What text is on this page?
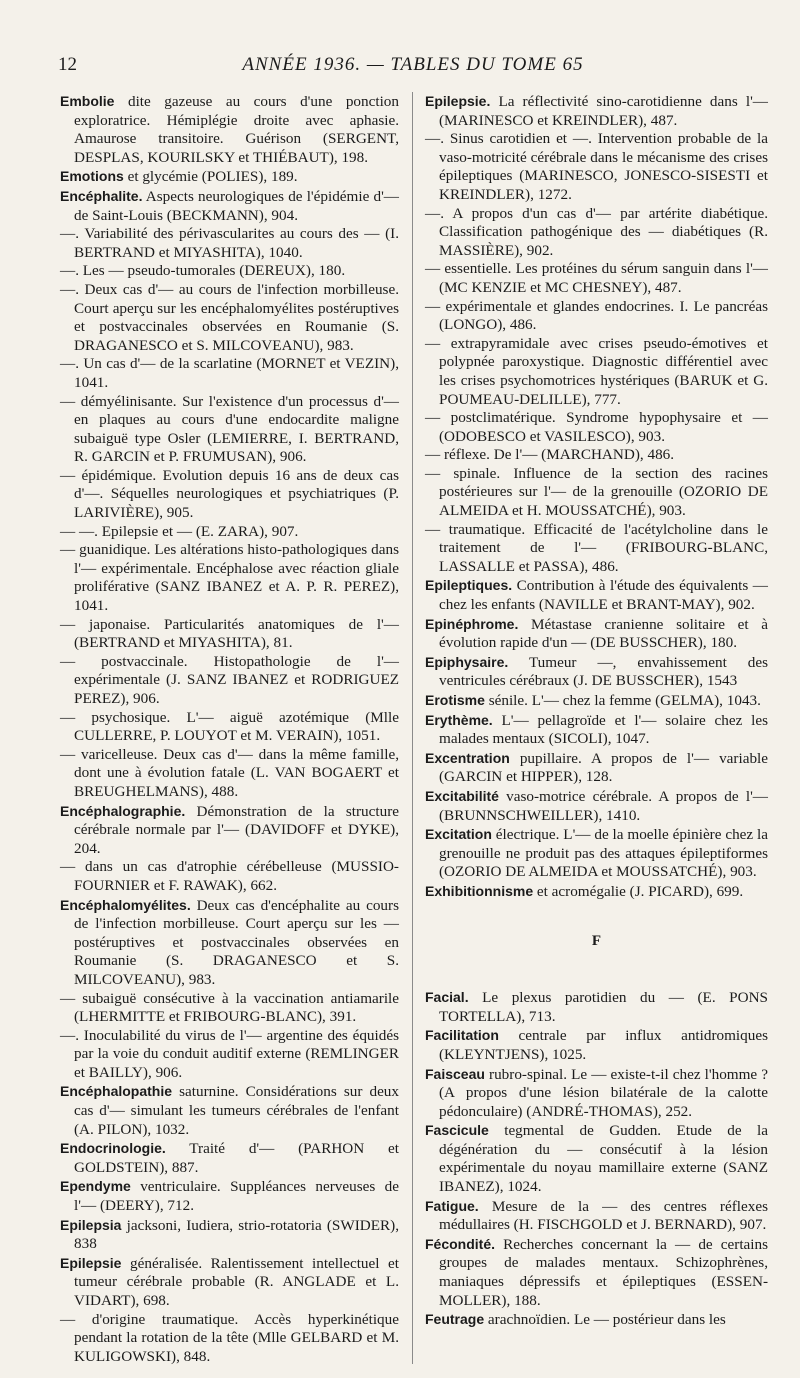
12	ANNÉE 1936. — TABLES DU TOME 65

Embolie dite gazeuse au cours d'une ponction exploratrice. Hémiplégie droite avec aphasie. Amaurose transitoire. Guérison (SERGENT, DESPLAS, KOURILSKY et THIÉBAUT), 198.

Emotions et glycémie (POLIES), 189.

Encéphalite. Aspects neurologiques de l'épidémie d'— de Saint-Louis (BECKMANN), 904.

—. Variabilité des périvascularites au cours des — (I. BERTRAND et MIYASHITA), 1040.

—. Les — pseudo-tumorales (DEREUX), 180.

—. Deux cas d'— au cours de l'infection morbilleuse. Court aperçu sur les encéphalomyélites postéruptives et postvaccinales observées en Roumanie (S. DRAGANESCO et S. MILCOVEANU), 983.

—. Un cas d'— de la scarlatine (MORNET et VEZIN), 1041.

— démyélinisante. Sur l'existence d'un processus d'— en plaques au cours d'une endocardite maligne subaiguë type Osler (LEMIERRE, I. BERTRAND, R. GARCIN et P. FRUMUSAN), 906.

— épidémique. Evolution depuis 16 ans de deux cas d'—. Séquelles neurologiques et psychiatriques (P. LARIVIÈRE), 905.

— —. Epilepsie et — (E. ZARA), 907.

— guanidique. Les altérations histo-pathologiques dans l'— expérimentale. Encéphalose avec réaction gliale proliférative (SANZ IBANEZ et A. P. R. PEREZ), 1041.

— japonaise. Particularités anatomiques de l'— (BERTRAND et MIYASHITA), 81.

— postvaccinale. Histopathologie de l'— expérimentale (J. SANZ IBANEZ et RODRIGUEZ PEREZ), 906.

— psychosique. L'— aiguë azotémique (Mlle CULLERRE, P. LOUYOT et M. VERAIN), 1051.

— varicelleuse. Deux cas d'— dans la même famille, dont une à évolution fatale (L. VAN BOGAERT et BREUGHELMANS), 488.

Encéphalographie. Démonstration de la structure cérébrale normale par l'— (DAVIDOFF et DYKE), 204.

— dans un cas d'atrophie cérébelleuse (MUSSIO-FOURNIER et F. RAWAK), 662.

Encéphalomyélites. Deux cas d'encéphalite au cours de l'infection morbilleuse. Court aperçu sur les — postéruptives et postvaccinales observées en Roumanie (S. DRAGANESCO et S. MILCOVEANU), 983.

— subaiguë consécutive à la vaccination antiamarile (LHERMITTE et FRIBOURG-BLANC), 391.

—. Inoculabilité du virus de l'— argentine des équidés par la voie du conduit auditif externe (REMLINGER et BAILLY), 906.

Encéphalopathie saturnine. Considérations sur deux cas d'— simulant les tumeurs cérébrales de l'enfant (A. PILON), 1032.

Endocrinologie. Traité d'— (PARHON et GOLDSTEIN), 887.

Ependyme ventriculaire. Suppléances nerveuses de l'— (DEERY), 712.

Epilepsia jacksoni, Iudiera, strio-rotatoria (SWIDER), 838

Epilepsie généralisée. Ralentissement intellectuel et tumeur cérébrale probable (R. ANGLADE et L. VIDART), 698.

— d'origine traumatique. Accès hyperkinétique pendant la rotation de la tête (Mlle GELBARD et M. KULIGOWSKI), 848.

Epilepsie. La réflectivité sino-carotidienne dans l'— (MARINESCO et KREINDLER), 487.

—. Sinus carotidien et —. Intervention probable de la vaso-motricité cérébrale dans le mécanisme des crises épileptiques (MARINESCO, JONESCO-SISESTI et KREINDLER), 1272.

—. A propos d'un cas d'— par artérite diabétique. Classification pathogénique des — diabétiques (R. MASSIÈRE), 902.

— essentielle. Les protéines du sérum sanguin dans l'— (MC KENZIE et MC CHESNEY), 487.

— expérimentale et glandes endocrines. I. Le pancréas (LONGO), 486.

— extrapyramidale avec crises pseudo-émotives et polypnée paroxystique. Diagnostic différentiel avec les crises psychomotrices hystériques (BARUK et G. POUMEAU-DELILLE), 777.

— postclimatérique. Syndrome hypophysaire et — (ODOBESCO et VASILESCO), 903.

— réflexe. De l'— (MARCHAND), 486.

— spinale. Influence de la section des racines postérieures sur l'— de la grenouille (OZORIO DE ALMEIDA et H. MOUSSATCHÉ), 903.

— traumatique. Efficacité de l'acétylcholine dans le traitement de l'— (FRIBOURG-BLANC, LASSALLE et PASSA), 486.

Epileptiques. Contribution à l'étude des équivalents — chez les enfants (NAVILLE et BRANT-MAY), 902.

Epinéphrome. Métastase cranienne solitaire et à évolution rapide d'un — (DE BUSSCHER), 180.

Epiphysaire. Tumeur —, envahissement des ventricules cérébraux (J. DE BUSSCHER), 1543

Erotisme sénile. L'— chez la femme (GELMA), 1043.

Erythème. L'— pellagroïde et l'— solaire chez les malades mentaux (SICOLI), 1047.

Excentration pupillaire. A propos de l'— variable (GARCIN et HIPPER), 128.

Excitabilité vaso-motrice cérébrale. A propos de l'— (BRUNNSCHWEILLER), 1410.

Excitation électrique. L'— de la moelle épinière chez la grenouille ne produit pas des attaques épileptiformes (OZORIO DE ALMEIDA et MOUSSATCHÉ), 903.

Exhibitionnisme et acromégalie (J. PICARD), 699.

F

Facial. Le plexus parotidien du — (E. PONS TORTELLA), 713.

Facilitation centrale par influx antidromiques (KLEYNTJENS), 1025.

Faisceau rubro-spinal. Le — existe-t-il chez l'homme ? (A propos d'une lésion bilatérale de la calotte pédonculaire) (ANDRÉ-THOMAS), 252.

Fascicule tegmental de Gudden. Etude de la dégénération du — consécutif à la lésion expérimentale du noyau mamillaire externe (SANZ IBANEZ), 1024.

Fatigue. Mesure de la — des centres réflexes médullaires (H. FISCHGOLD et J. BERNARD), 907.

Fécondité. Recherches concernant la — de certains groupes de malades mentaux. Schizophrènes, maniaques dépressifs et épileptiques (ESSEN-MOLLER), 188.

Feutrage arachnoïdien. Le — postérieur dans les
